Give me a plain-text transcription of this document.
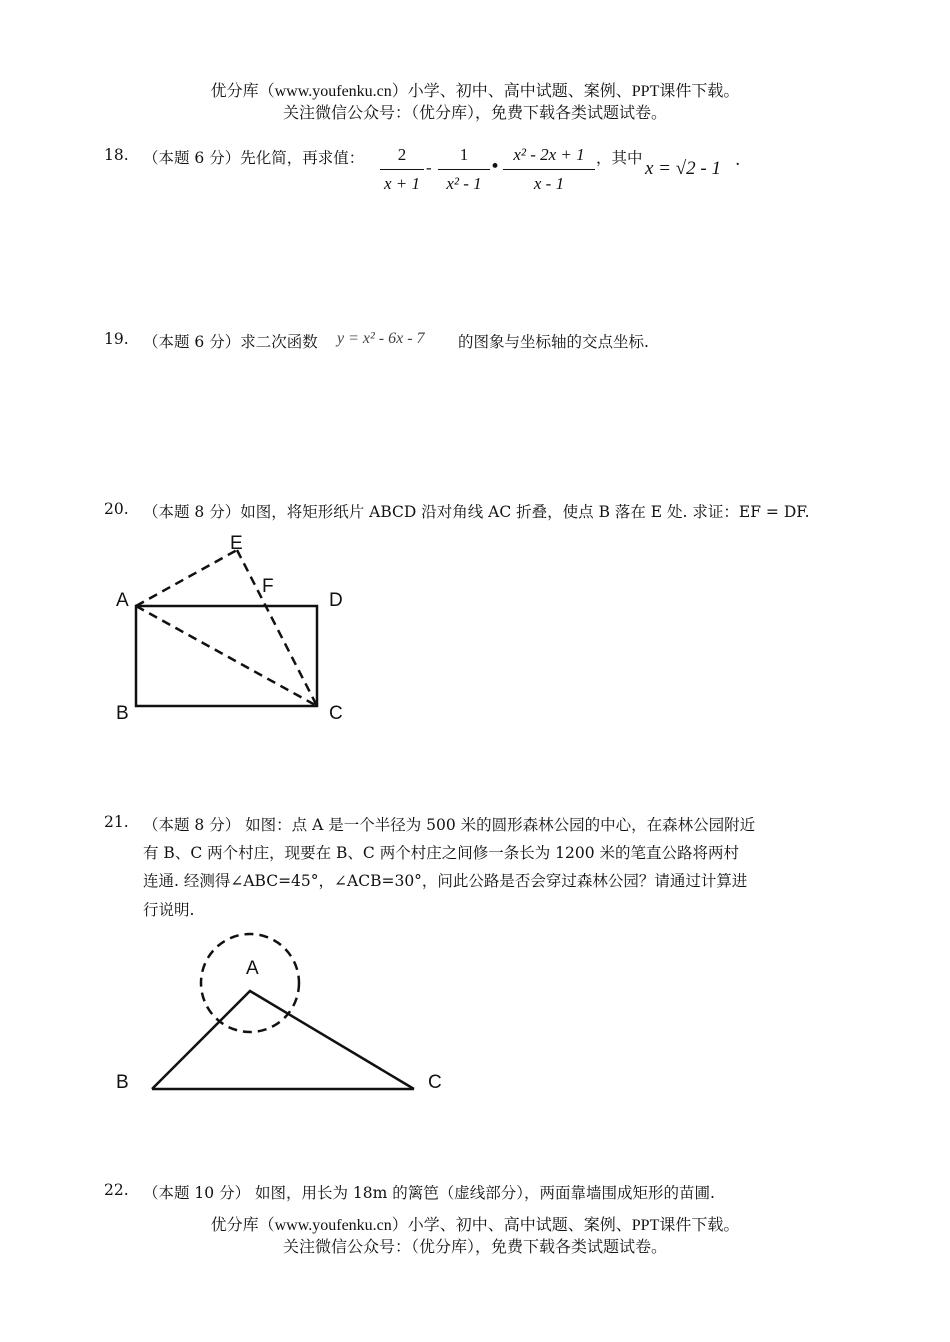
优分库（www.youfenku.cn）小学、初中、高中试题、案例、PPT课件下载。
关注微信公众号：（优分库），免费下载各类试题试卷。
18. （本题 6 分）先化简，再求值：	2
x + 1
-
1
x² - 1
•
x² - 2x + 1
x - 1
，其中 x = √2 - 1 .
19. （本题 6 分）求二次函数 y = x² - 6x - 7 的图象与坐标轴的交点坐标.
20. （本题 8 分）如图，将矩形纸片 ABCD 沿对角线 AC 折叠，使点 B 落在 E 处. 求证：EF = DF.
E
F
A	D
B	C
21. （本题 8 分） 如图：点 A 是一个半径为 500 米的圆形森林公园的中心，在森林公园附近
有 B、C 两个村庄，现要在 B、C 两个村庄之间修一条长为 1200 米的笔直公路将两村
连通. 经测得∠ABC=45°，∠ACB=30°，问此公路是否会穿过森林公园？请通过计算进
行说明.
A
B	C
22. （本题 10 分） 如图，用长为 18m 的篱笆（虚线部分），两面靠墙围成矩形的苗圃.
优分库（www.youfenku.cn）小学、初中、高中试题、案例、PPT课件下载。
关注微信公众号：（优分库），免费下载各类试题试卷。
